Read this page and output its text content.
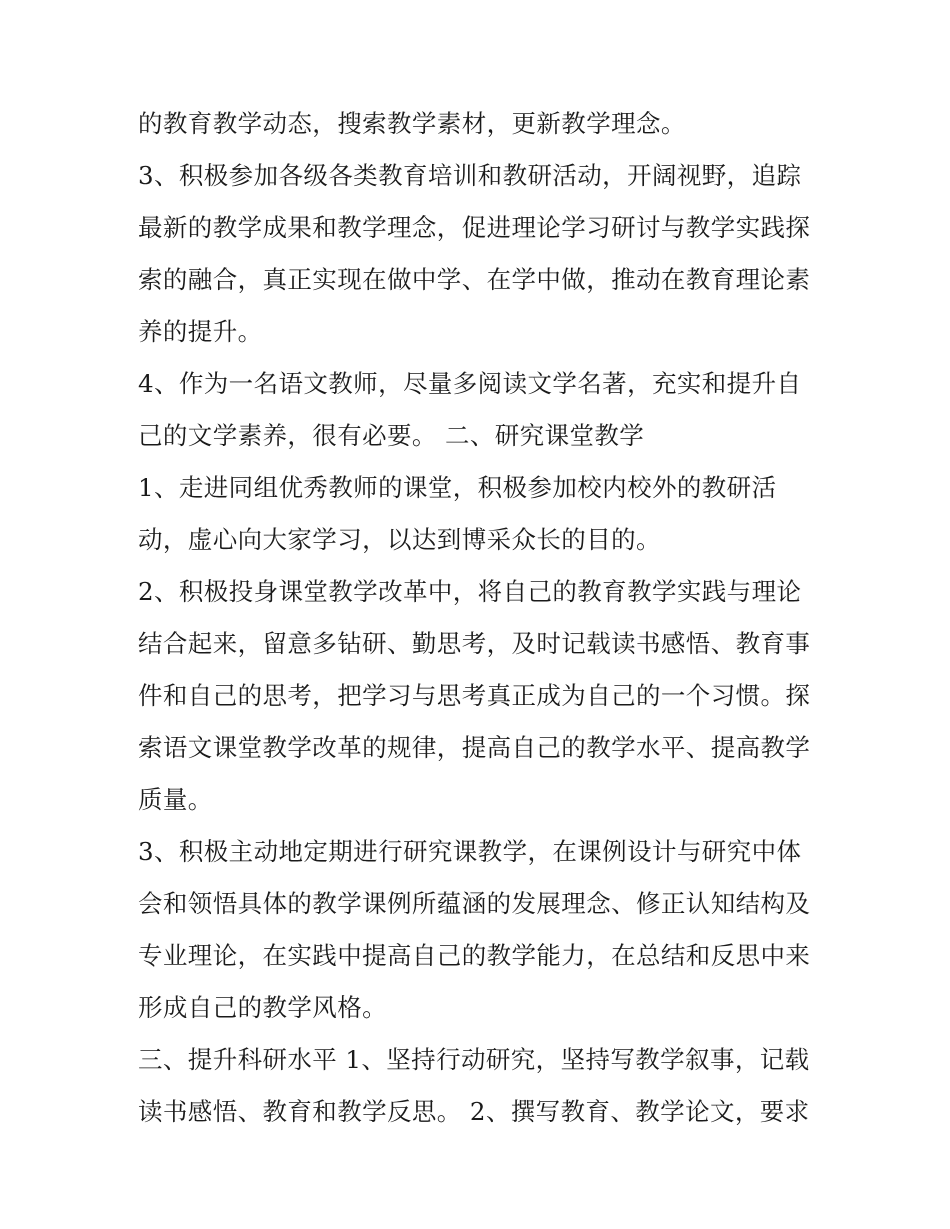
的教育教学动态，搜索教学素材，更新教学理念。
3、积极参加各级各类教育培训和教研活动，开阔视野，追踪
最新的教学成果和教学理念，促进理论学习研讨与教学实践探
索的融合，真正实现在做中学、在学中做，推动在教育理论素
养的提升。
4、作为一名语文教师，尽量多阅读文学名著，充实和提升自
己的文学素养，很有必要。 二、研究课堂教学
1、走进同组优秀教师的课堂，积极参加校内校外的教研活
动，虚心向大家学习，以达到博采众长的目的。
2、积极投身课堂教学改革中，将自己的教育教学实践与理论
结合起来，留意多钻研、勤思考，及时记载读书感悟、教育事
件和自己的思考，把学习与思考真正成为自己的一个习惯。探
索语文课堂教学改革的规律，提高自己的教学水平、提高教学
质量。
3、积极主动地定期进行研究课教学，在课例设计与研究中体
会和领悟具体的教学课例所蕴涵的发展理念、修正认知结构及
专业理论，在实践中提高自己的教学能力，在总结和反思中来
形成自己的教学风格。
三、提升科研水平 1、坚持行动研究，坚持写教学叙事，记载
读书感悟、教育和教学反思。 2、撰写教育、教学论文，要求
